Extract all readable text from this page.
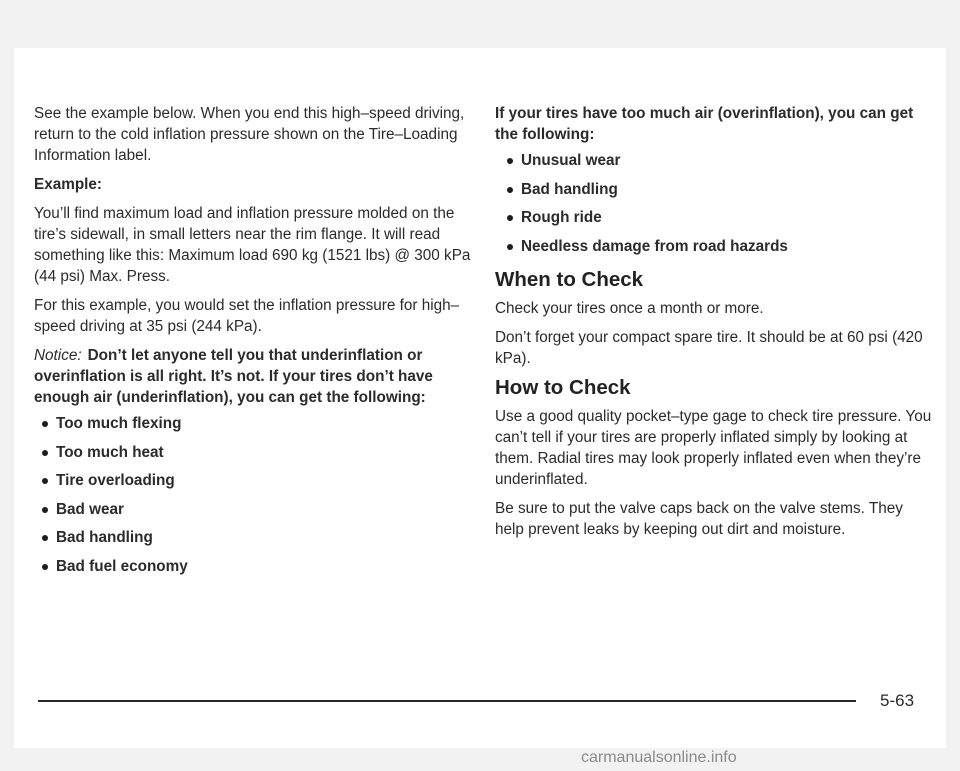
See the example below. When you end this high–speed driving, return to the cold inflation pressure shown on the Tire–Loading Information label.

Example:

You’ll find maximum load and inflation pressure molded on the tire’s sidewall, in small letters near the rim flange. It will read something like this: Maximum load 690 kg (1521 lbs) @ 300 kPa (44 psi) Max. Press.

For this example, you would set the inflation pressure for high–speed driving at 35 psi (244 kPa).

Notice: Don’t let anyone tell you that underinflation or overinflation is all right. It’s not. If your tires don’t have enough air (underinflation), you can get the following:

Too much flexing
Too much heat
Tire overloading
Bad wear
Bad handling
Bad fuel economy

If your tires have too much air (overinflation), you can get the following:

Unusual wear
Bad handling
Rough ride
Needless damage from road hazards
When to Check

Check your tires once a month or more.

Don’t forget your compact spare tire. It should be at 60 psi (420 kPa).

How to Check

Use a good quality pocket–type gage to check tire pressure. You can’t tell if your tires are properly inflated simply by looking at them. Radial tires may look properly inflated even when they’re underinflated.

Be sure to put the valve caps back on the valve stems. They help prevent leaks by keeping out dirt and moisture.

5-63
carmanualsonline.info
